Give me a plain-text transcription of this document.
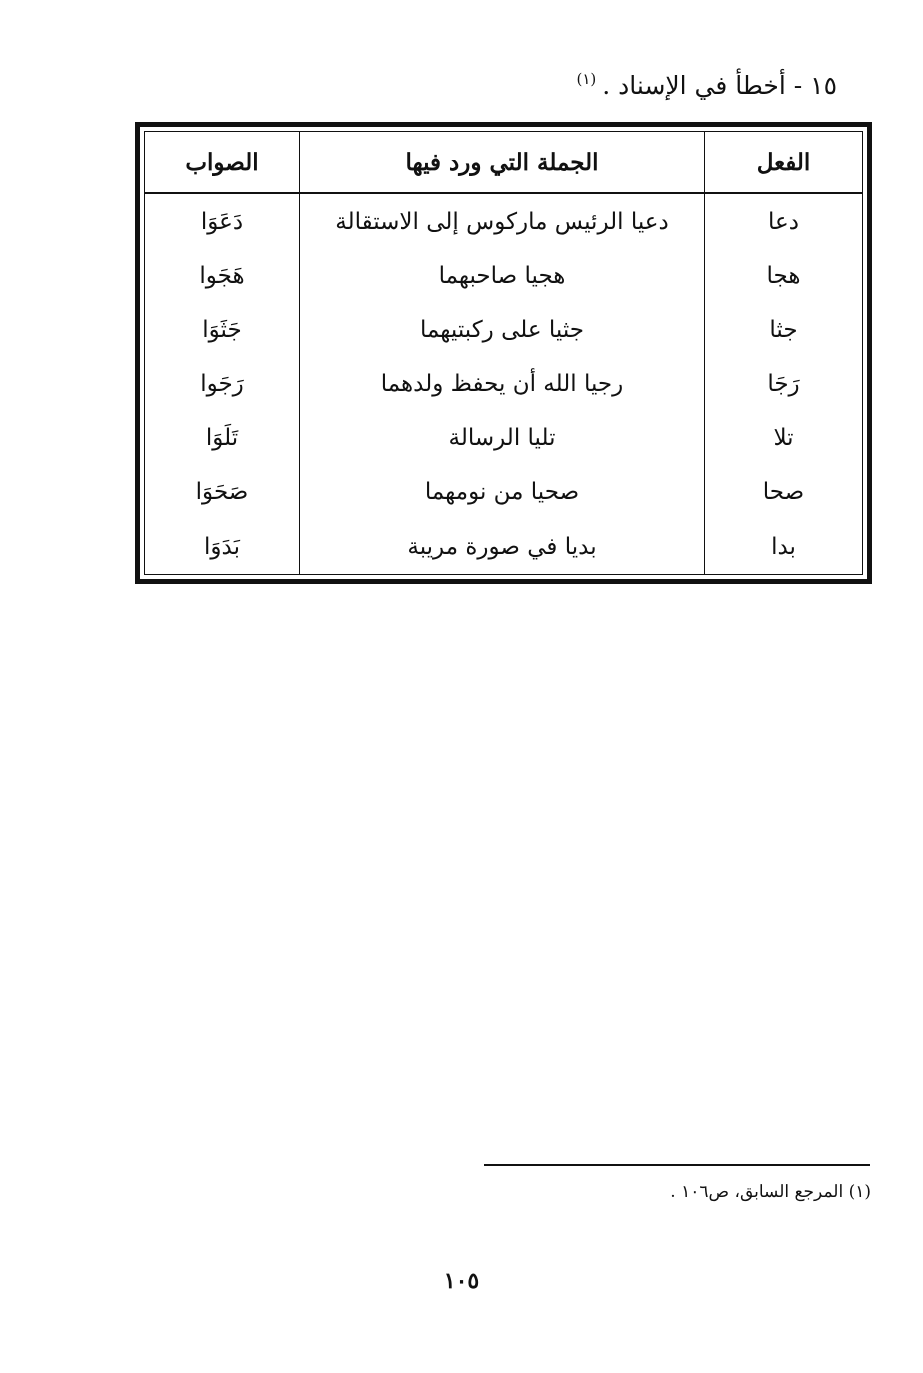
١٥ - أخطأ في الإسناد .$^{(١)}$
الفعل	الجملة التي ورد فيها	الصواب
دعا	دعيا الرئيس ماركوس إلى الاستقالة	دَعَوَا
هجا	هجيا صاحبهما	هَجَوا
جثا	جثيا على ركبتيهما	جَثَوَا
رَجَا	رجيا الله أن يحفظ ولدهما	رَجَوا
تلا	تليا الرسالة	تَلَوَا
صحا	صحيا من نومهما	صَحَوَا
بدا	بديا في صورة مريبة	بَدَوَا
(١) المرجع السابق، ص١٠٦ .
١٠٥
